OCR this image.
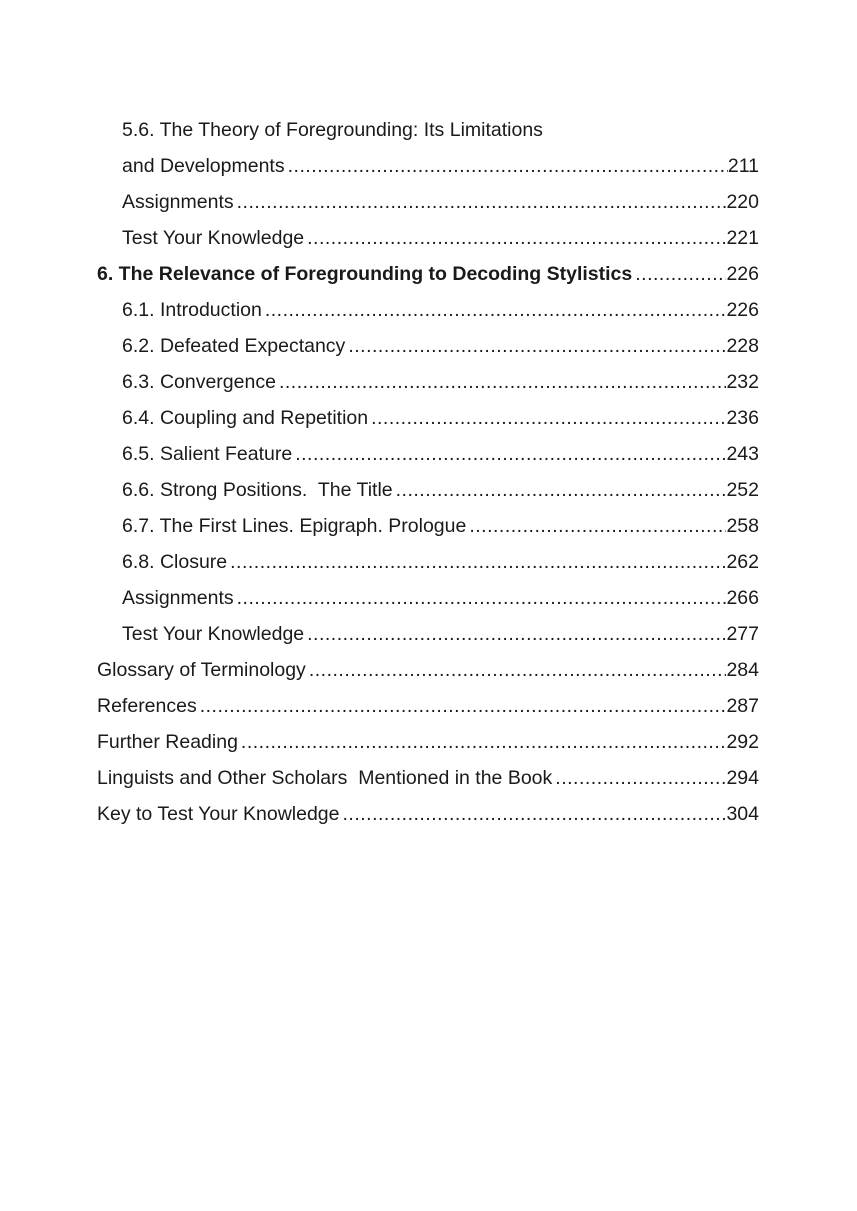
5.6. The Theory of Foregrounding: Its Limitations
and Developments .....	211
Assignments .....	220
Test Your Knowledge .....	221
6. The Relevance of Foregrounding to Decoding Stylistics .....	226
6.1. Introduction .....	226
6.2. Defeated Expectancy .....	228
6.3. Convergence .....	232
6.4. Coupling and Repetition .....	236
6.5. Salient Feature .....	243
6.6. Strong Positions.  The Title .....	252
6.7. The First Lines. Epigraph. Prologue .....	258
6.8. Closure .....	262
Assignments .....	266
Test Your Knowledge .....	277
Glossary of Terminology .....	284
References .....	287
Further Reading .....	292
Linguists and Other Scholars  Mentioned in the Book .....	294
Key to Test Your Knowledge .....	304
